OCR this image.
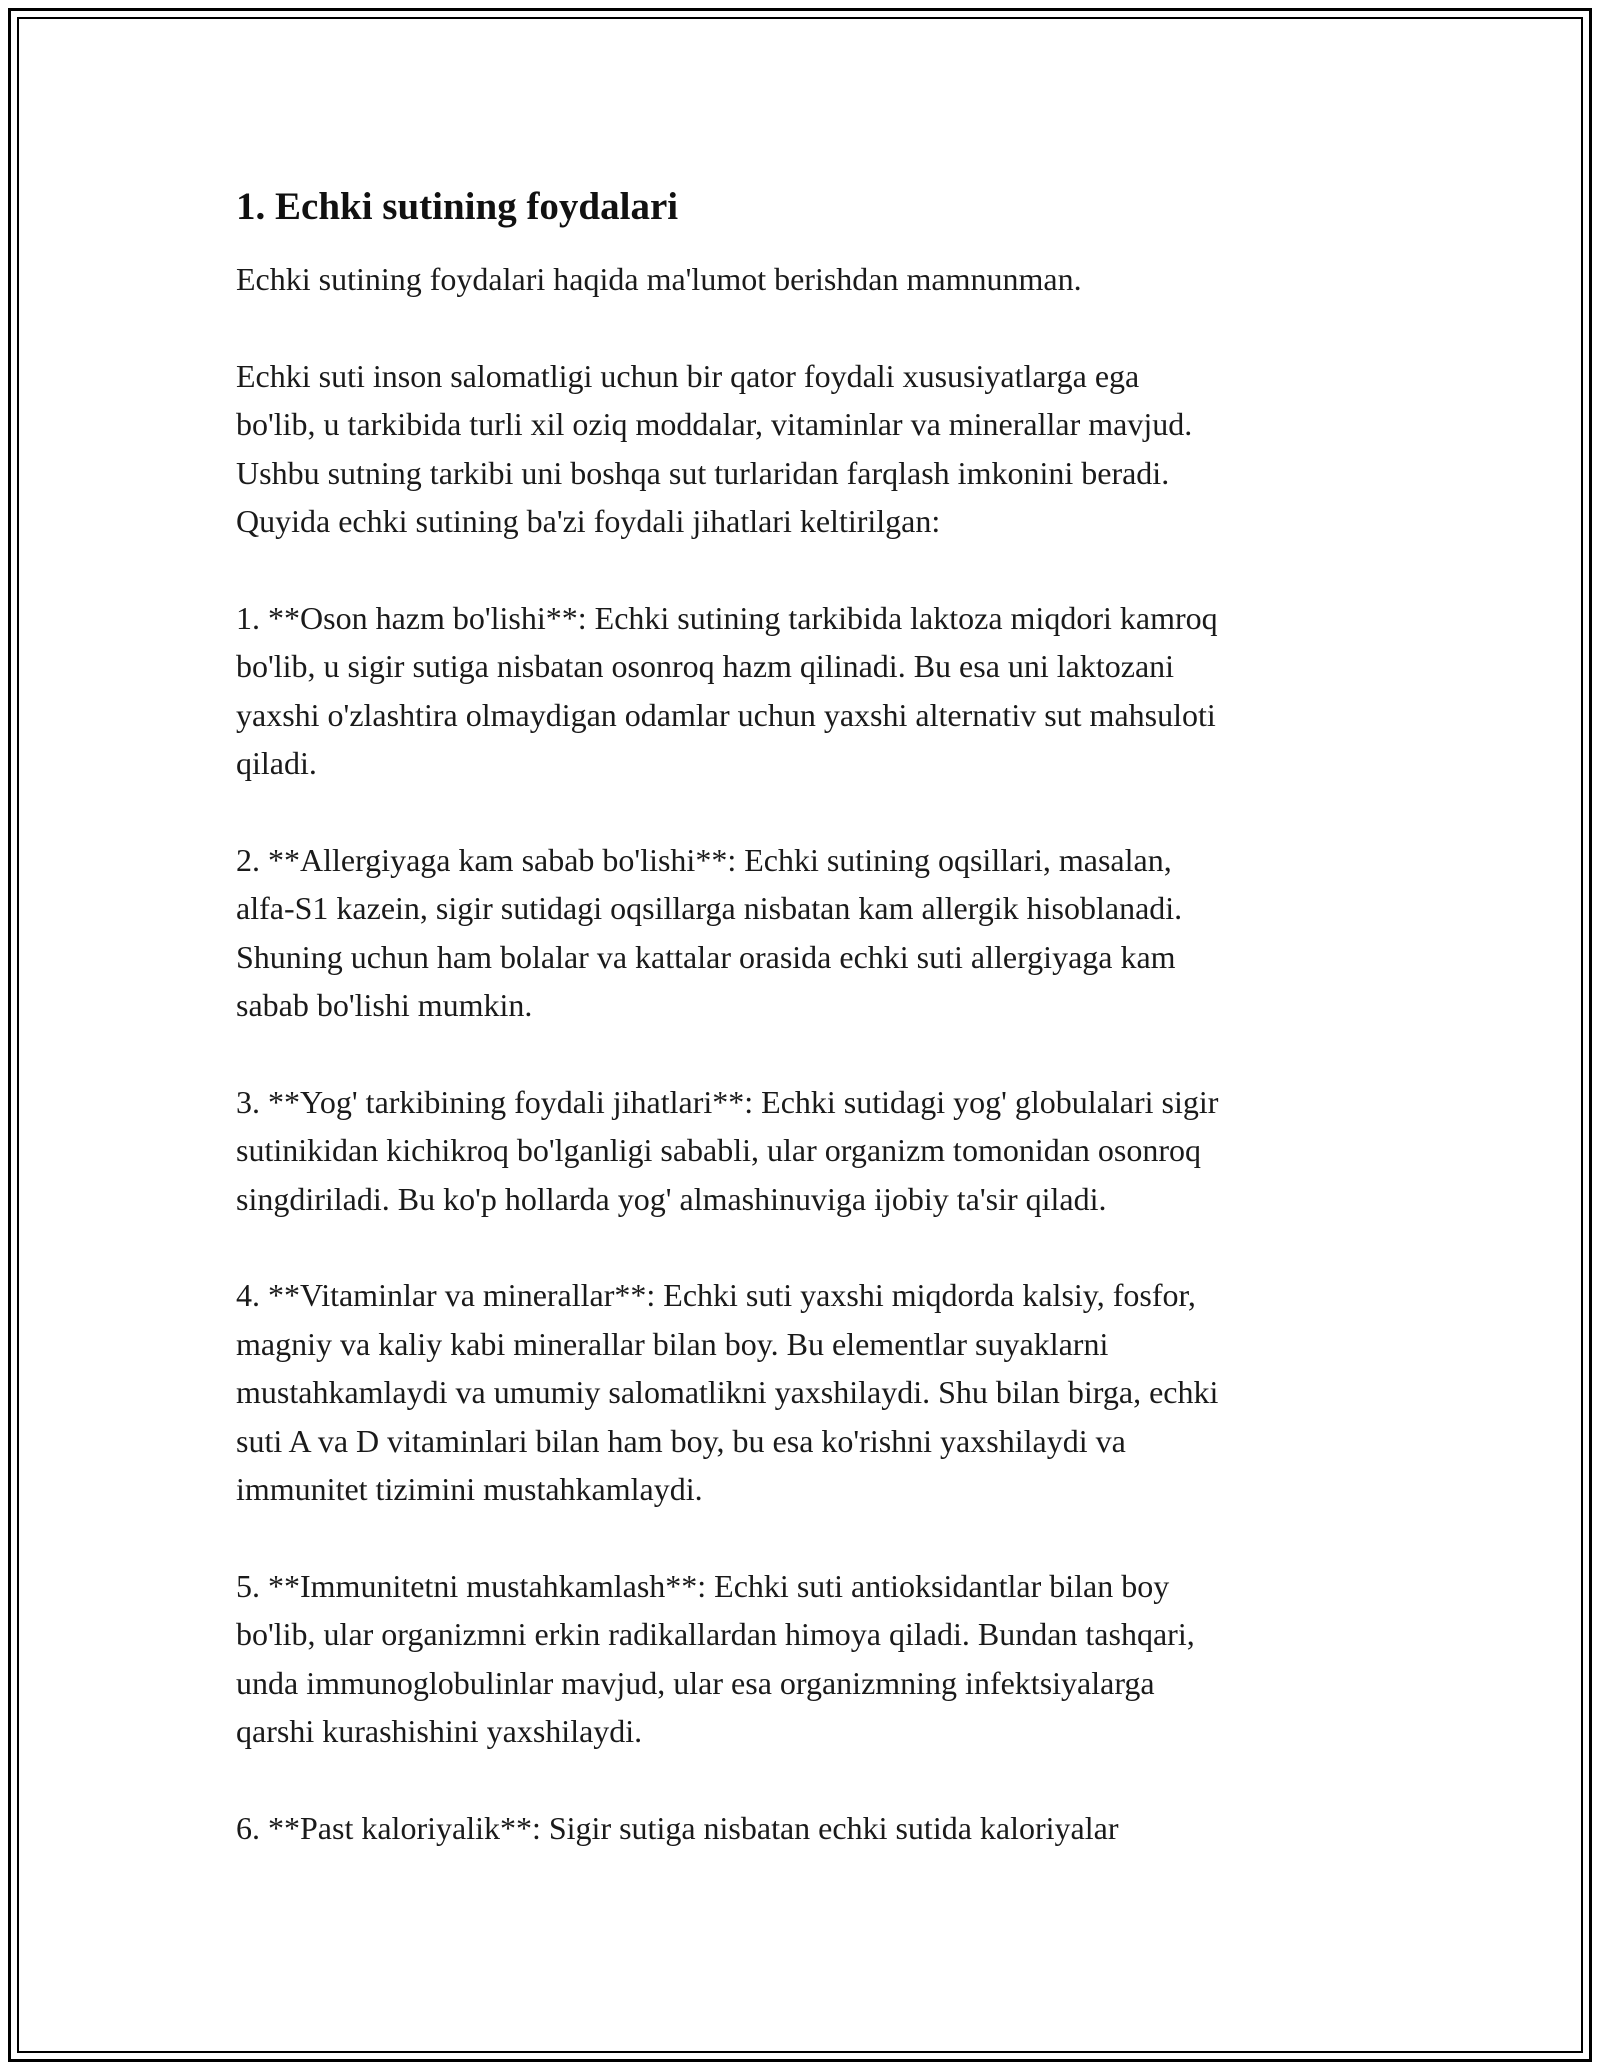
1. Echki sutining foydalari

Echki sutining foydalari haqida ma'lumot berishdan mamnunman.

Echki suti inson salomatligi uchun bir qator foydali xususiyatlarga ega
bo'lib, u tarkibida turli xil oziq moddalar, vitaminlar va minerallar mavjud.
Ushbu sutning tarkibi uni boshqa sut turlaridan farqlash imkonini beradi.
Quyida echki sutining ba'zi foydali jihatlari keltirilgan:

1. **Oson hazm bo'lishi**: Echki sutining tarkibida laktoza miqdori kamroq
bo'lib, u sigir sutiga nisbatan osonroq hazm qilinadi. Bu esa uni laktozani
yaxshi o'zlashtira olmaydigan odamlar uchun yaxshi alternativ sut mahsuloti
qiladi.

2. **Allergiyaga kam sabab bo'lishi**: Echki sutining oqsillari, masalan,
alfa-S1 kazein, sigir sutidagi oqsillarga nisbatan kam allergik hisoblanadi.
Shuning uchun ham bolalar va kattalar orasida echki suti allergiyaga kam
sabab bo'lishi mumkin.

3. **Yog' tarkibining foydali jihatlari**: Echki sutidagi yog' globulalari sigir
sutinikidan kichikroq bo'lganligi sababli, ular organizm tomonidan osonroq
singdiriladi. Bu ko'p hollarda yog' almashinuviga ijobiy ta'sir qiladi.

4. **Vitaminlar va minerallar**: Echki suti yaxshi miqdorda kalsiy, fosfor,
magniy va kaliy kabi minerallar bilan boy. Bu elementlar suyaklarni
mustahkamlaydi va umumiy salomatlikni yaxshilaydi. Shu bilan birga, echki
suti A va D vitaminlari bilan ham boy, bu esa ko'rishni yaxshilaydi va
immunitet tizimini mustahkamlaydi.

5. **Immunitetni mustahkamlash**: Echki suti antioksidantlar bilan boy
bo'lib, ular organizmni erkin radikallardan himoya qiladi. Bundan tashqari,
unda immunoglobulinlar mavjud, ular esa organizmning infektsiyalarga
qarshi kurashishini yaxshilaydi.

6. **Past kaloriyalik**: Sigir sutiga nisbatan echki sutida kaloriyalar
